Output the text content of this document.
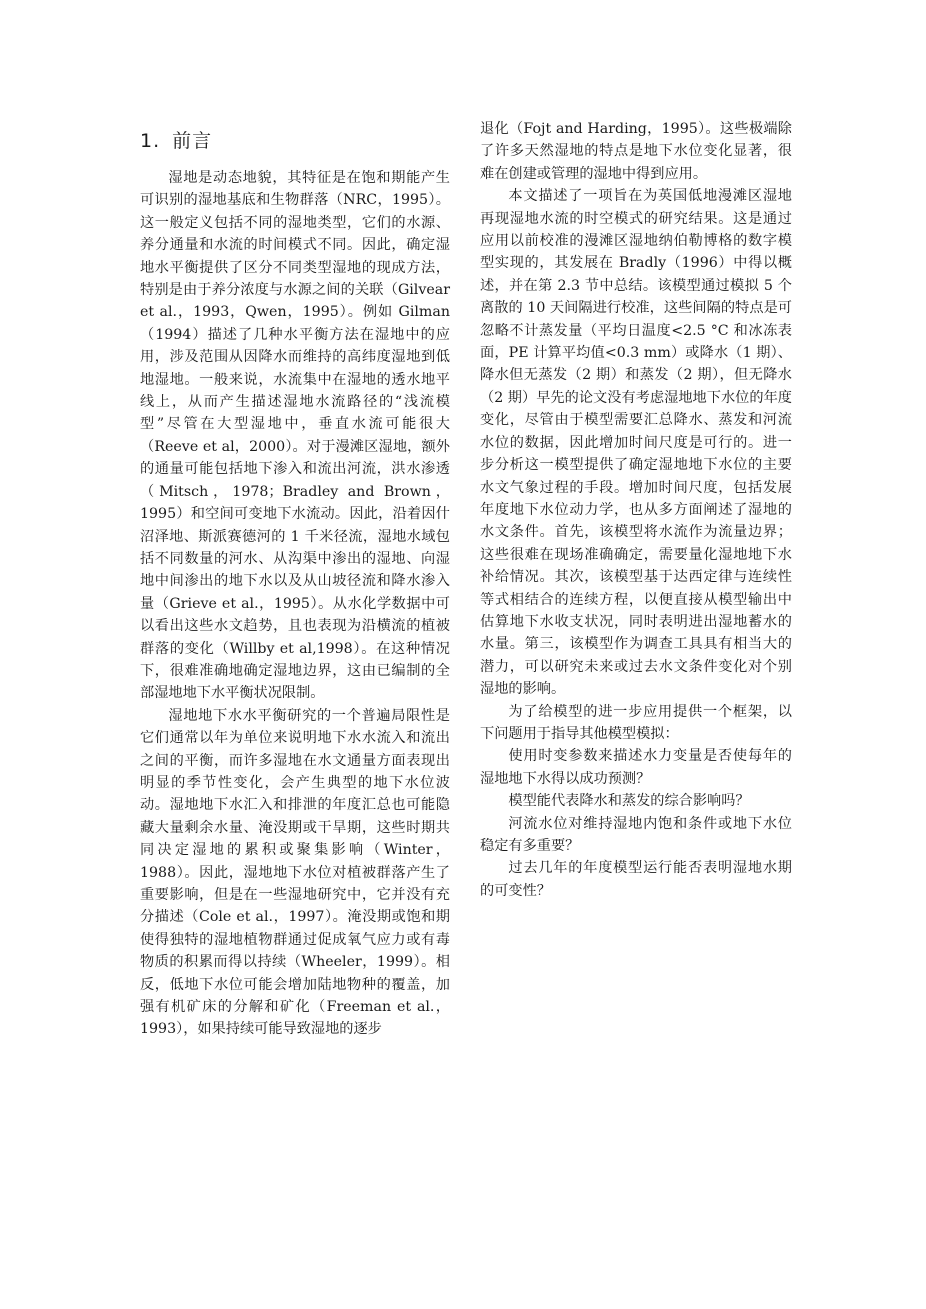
1. 前言

湿地是动态地貌，其特征是在饱和期能产生可识别的湿地基底和生物群落（NRC，1995）。这一般定义包括不同的湿地类型，它们的水源、养分通量和水流的时间模式不同。因此，确定湿地水平衡提供了区分不同类型湿地的现成方法，特别是由于养分浓度与水源之间的关联（Gilvear et al.，1993，Qwen，1995）。例如 Gilman（1994）描述了几种水平衡方法在湿地中的应用，涉及范围从因降水而维持的高纬度湿地到低地湿地。一般来说，水流集中在湿地的透水地平线上，从而产生描述湿地水流路径的“浅流模型”尽管在大型湿地中，垂直水流可能很大（Reeve et al，2000）。对于漫滩区湿地，额外的通量可能包括地下渗入和流出河流，洪水渗透（Mitsch，1978；Bradley and Brown，1995）和空间可变地下水流动。因此，沿着因什沼泽地、斯派赛德河的 1 千米径流，湿地水域包括不同数量的河水、从沟渠中渗出的湿地、向湿地中间渗出的地下水以及从山坡径流和降水渗入量（Grieve et al.，1995）。从水化学数据中可以看出这些水文趋势，且也表现为沿横流的植被群落的变化（Willby et al,1998）。在这种情况下，很难准确地确定湿地边界，这由已编制的全部湿地地下水平衡状况限制。

湿地地下水水平衡研究的一个普遍局限性是它们通常以年为单位来说明地下水水流入和流出之间的平衡，而许多湿地在水文通量方面表现出明显的季节性变化，会产生典型的地下水位波动。湿地地下水汇入和排泄的年度汇总也可能隐藏大量剩余水量、淹没期或干旱期，这些时期共同决定湿地的累积或聚集影响（Winter，1988）。因此，湿地地下水位对植被群落产生了重要影响，但是在一些湿地研究中，它并没有充分描述（Cole et al.，1997）。淹没期或饱和期使得独特的湿地植物群通过促成氧气应力或有毒物质的积累而得以持续（Wheeler，1999）。相反，低地下水位可能会增加陆地物种的覆盖，加强有机矿床的分解和矿化（Freeman et al.，1993），如果持续可能导致湿地的逐步

退化（Fojt and Harding，1995）。这些极端除了许多天然湿地的特点是地下水位变化显著，很难在创建或管理的湿地中得到应用。

本文描述了一项旨在为英国低地漫滩区湿地再现湿地水流的时空模式的研究结果。这是通过应用以前校准的漫滩区湿地纳伯勒博格的数字模型实现的，其发展在 Bradly（1996）中得以概述，并在第 2.3 节中总结。该模型通过模拟 5 个离散的 10 天间隔进行校准，这些间隔的特点是可忽略不计蒸发量（平均日温度<2.5 °C 和冰冻表面，PE 计算平均值<0.3 mm）或降水（1 期）、降水但无蒸发（2 期）和蒸发（2 期），但无降水（2 期）早先的论文没有考虑湿地地下水位的年度变化，尽管由于模型需要汇总降水、蒸发和河流水位的数据，因此增加时间尺度是可行的。进一步分析这一模型提供了确定湿地地下水位的主要水文气象过程的手段。增加时间尺度，包括发展年度地下水位动力学，也从多方面阐述了湿地的水文条件。首先，该模型将水流作为流量边界；这些很难在现场准确确定，需要量化湿地地下水补给情况。其次，该模型基于达西定律与连续性等式相结合的连续方程，以便直接从模型输出中估算地下水收支状况，同时表明进出湿地蓄水的水量。第三，该模型作为调查工具具有相当大的潜力，可以研究未来或过去水文条件变化对个别湿地的影响。

为了给模型的进一步应用提供一个框架，以下问题用于指导其他模型模拟：

使用时变参数来描述水力变量是否使每年的湿地地下水得以成功预测？

模型能代表降水和蒸发的综合影响吗？

河流水位对维持湿地内饱和条件或地下水位稳定有多重要？

过去几年的年度模型运行能否表明湿地水期的可变性？
